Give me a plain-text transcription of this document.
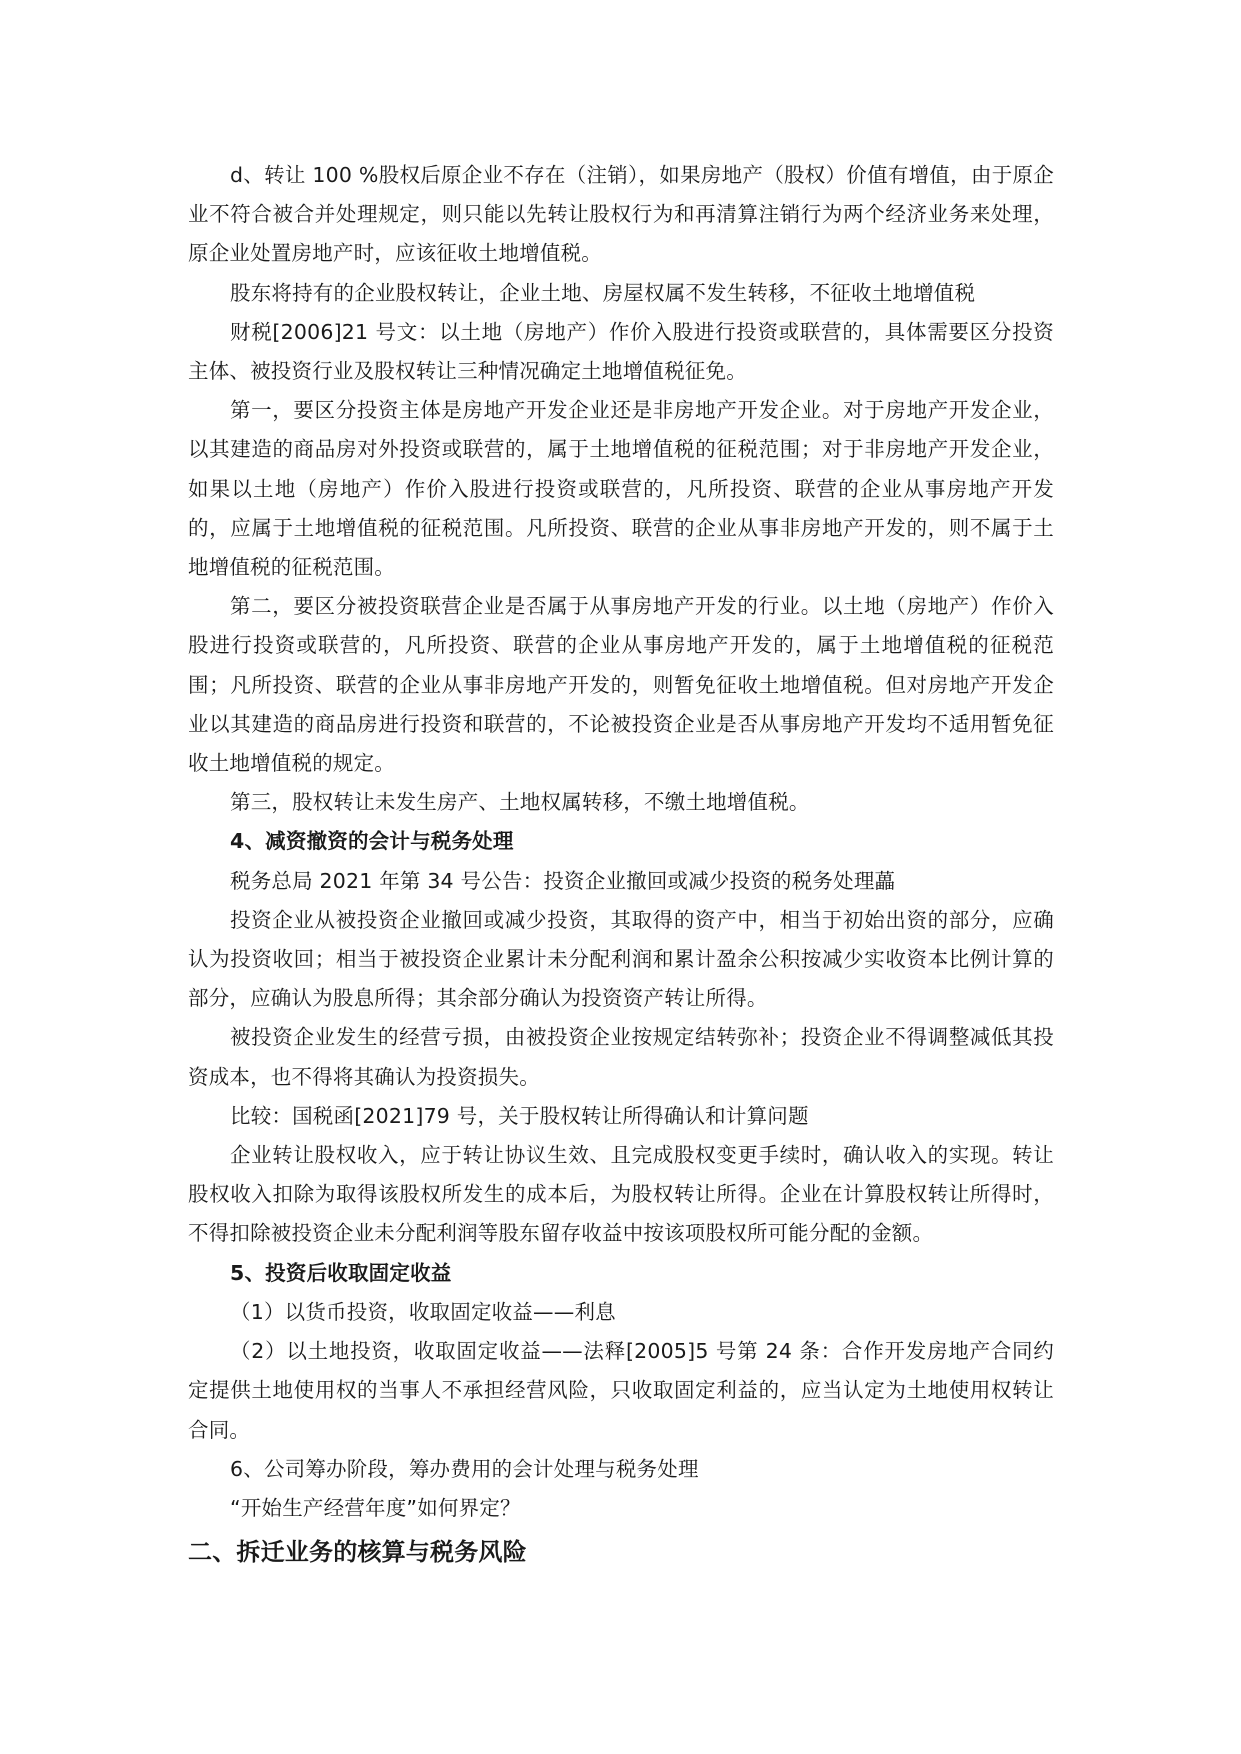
d、转让 100 %股权后原企业不存在（注销），如果房地产（股权）价值有增值，由于原企业不符合被合并处理规定，则只能以先转让股权行为和再清算注销行为两个经济业务来处理，原企业处置房地产时，应该征收土地增值税。

股东将持有的企业股权转让，企业土地、房屋权属不发生转移，不征收土地增值税

财税[2006]21 号文：以土地（房地产）作价入股进行投资或联营的，具体需要区分投资主体、被投资行业及股权转让三种情况确定土地增值税征免。

第一，要区分投资主体是房地产开发企业还是非房地产开发企业。对于房地产开发企业，以其建造的商品房对外投资或联营的，属于土地增值税的征税范围；对于非房地产开发企业，如果以土地（房地产）作价入股进行投资或联营的，凡所投资、联营的企业从事房地产开发的，应属于土地增值税的征税范围。凡所投资、联营的企业从事非房地产开发的，则不属于土地增值税的征税范围。

第二，要区分被投资联营企业是否属于从事房地产开发的行业。以土地（房地产）作价入股进行投资或联营的，凡所投资、联营的企业从事房地产开发的，属于土地增值税的征税范围；凡所投资、联营的企业从事非房地产开发的，则暂免征收土地增值税。但对房地产开发企业以其建造的商品房进行投资和联营的，不论被投资企业是否从事房地产开发均不适用暂免征收土地增值税的规定。

第三，股权转让未发生房产、土地权属转移，不缴土地增值税。

4、减资撤资的会计与税务处理

税务总局 2021 年第 34 号公告：投资企业撤回或减少投资的税务处理藟

投资企业从被投资企业撤回或减少投资，其取得的资产中，相当于初始出资的部分，应确认为投资收回；相当于被投资企业累计未分配利润和累计盈余公积按减少实收资本比例计算的部分，应确认为股息所得；其余部分确认为投资资产转让所得。

被投资企业发生的经营亏损，由被投资企业按规定结转弥补；投资企业不得调整减低其投资成本，也不得将其确认为投资损失。

比较：国税函[2021]79 号，关于股权转让所得确认和计算问题

企业转让股权收入，应于转让协议生效、且完成股权变更手续时，确认收入的实现。转让股权收入扣除为取得该股权所发生的成本后，为股权转让所得。企业在计算股权转让所得时，不得扣除被投资企业未分配利润等股东留存收益中按该项股权所可能分配的金额。

5、投资后收取固定收益

（1）以货币投资，收取固定收益——利息

（2）以土地投资，收取固定收益——法释[2005]5 号第 24 条：合作开发房地产合同约定提供土地使用权的当事人不承担经营风险，只收取固定利益的，应当认定为土地使用权转让合同。

6、公司筹办阶段，筹办费用的会计处理与税务处理

“开始生产经营年度”如何界定？

二、拆迁业务的核算与税务风险
